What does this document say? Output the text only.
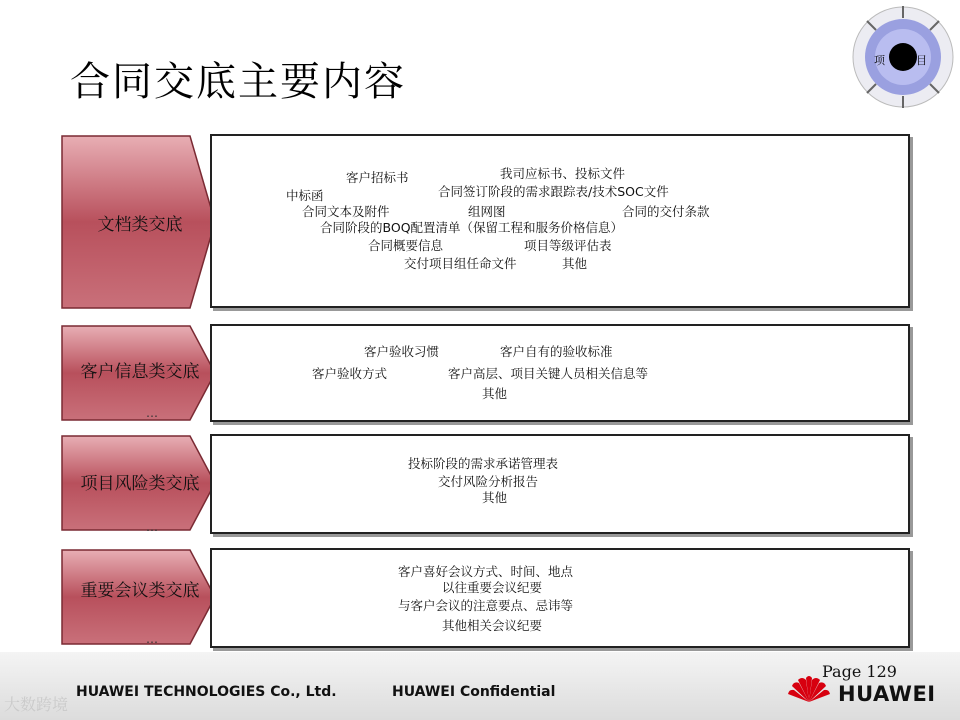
合同交底主要内容	项	目
文档类交底
客户招标书	我司应标书、投标文件
中标函	合同签订阶段的需求跟踪表/技术SOC文件
合同文本及附件	组网图	合同的交付条款
合同阶段的BOQ配置清单（保留工程和服务价格信息）
合同概要信息	项目等级评估表
交付项目组任命文件	其他
客户信息类交底
…
客户验收习惯	客户自有的验收标准
客户验收方式	客户高层、项目关键人员相关信息等
其他
项目风险类交底
…
投标阶段的需求承诺管理表
交付风险分析报告
其他
重要会议类交底
…
客户喜好会议方式、时间、地点
以往重要会议纪要
与客户会议的注意要点、忌讳等
其他相关会议纪要
HUAWEI TECHNOLOGIES Co., Ltd.	HUAWEI Confidential
Page 129
HUAWEI
大数跨境
